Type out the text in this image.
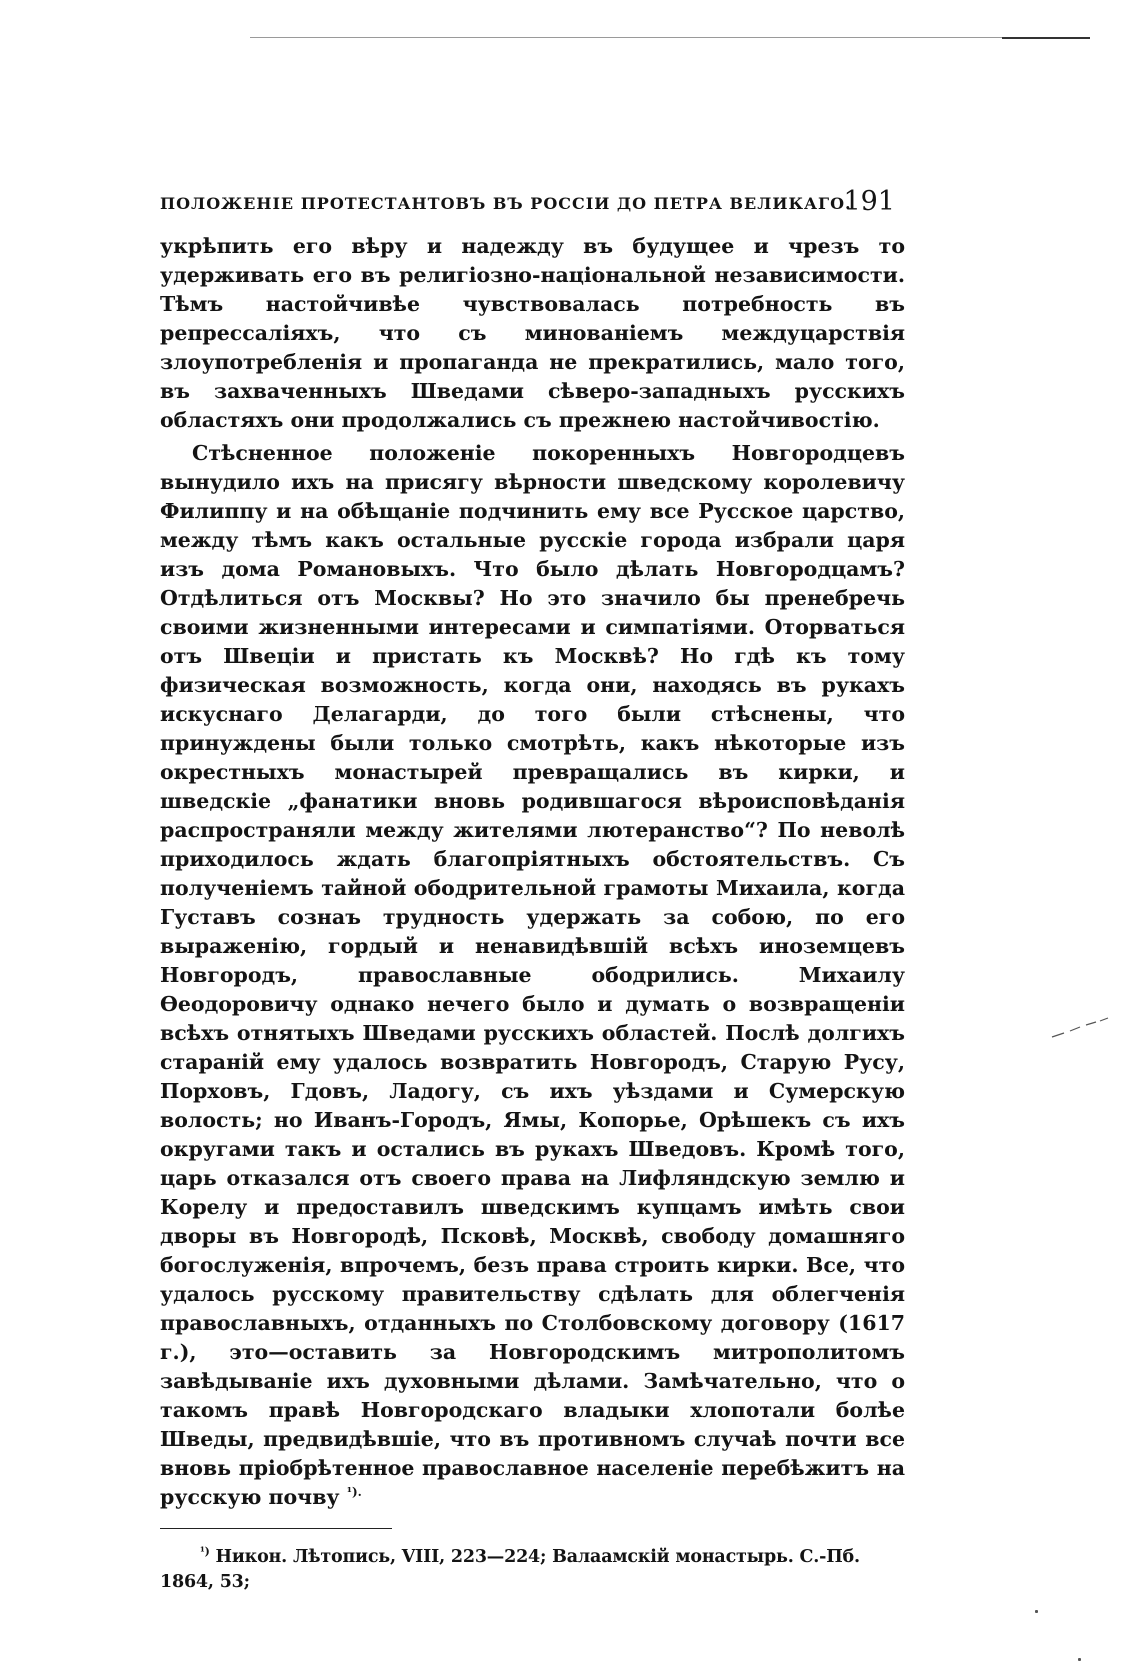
ПОЛОЖЕНІЕ ПРОТЕСТАНТОВЪ ВЪ РОССІИ ДО ПЕТРА ВЕЛИКАГО.
191

укрѣпить его вѣру и надежду въ будущее и чрезъ то удерживать его въ религіозно-національной независимости. Тѣмъ настойчивѣе чувствовалась потребность въ репрессаліяхъ, что съ минованіемъ междуцарствія злоупотребленія и пропаганда не прекратились, мало того, въ захваченныхъ Шведами сѣверо-западныхъ русскихъ областяхъ они продолжались съ прежнею настойчивостію.

Стѣсненное положеніе покоренныхъ Новгородцевъ вынудило ихъ на присягу вѣрности шведскому королевичу Филиппу и на обѣщаніе подчинить ему все Русское царство, между тѣмъ какъ остальные русскіе города избрали царя изъ дома Романовыхъ. Что было дѣлать Новгородцамъ? Отдѣлиться отъ Москвы? Но это значило бы пренебречь своими жизненными интересами и симпатіями. Оторваться отъ Швеціи и пристать къ Москвѣ? Но гдѣ къ тому физическая возможность, когда они, находясь въ рукахъ искуснаго Делагарди, до того были стѣснены, что принуждены были только смотрѣть, какъ нѣкоторые изъ окрестныхъ монастырей превращались въ кирки, и шведскіе „фанатики вновь родившагося вѣроисповѣданія распространяли между жителями лютеранство“? По неволѣ приходилось ждать благопріятныхъ обстоятельствъ. Съ полученіемъ тайной ободрительной грамоты Михаила, когда Густавъ сознаъ трудность удержать за собою, по его выраженію, гордый и ненавидѣвшій всѣхъ иноземцевъ Новгородъ, православные ободрились. Михаилу Ѳеодоровичу однако нечего было и думать о возвращеніи всѣхъ отнятыхъ Шведами русскихъ областей. Послѣ долгихъ стараній ему удалось возвратить Новгородъ, Старую Русу, Порховъ, Гдовъ, Ладогу, съ ихъ уѣздами и Сумерскую волость; но Иванъ-Городъ, Ямы, Копорье, Орѣшекъ съ ихъ округами такъ и остались въ рукахъ Шведовъ. Кромѣ того, царь отказался отъ своего права на Лифляндскую землю и Корелу и предоставилъ шведскимъ купцамъ имѣть свои дворы въ Новгородѣ, Псковѣ, Москвѣ, свободу домашняго богослуженія, впрочемъ, безъ права строить кирки. Все, что удалось русскому правительству сдѣлать для облегченія православныхъ, отданныхъ по Столбовскому договору (1617 г.), это—оставить за Новгородскимъ митрополитомъ завѣдываніе ихъ духовными дѣлами. Замѣчательно, что о такомъ правѣ Новгородскаго владыки хлопотали болѣе Шведы, предвидѣвшіе, что въ противномъ случаѣ почти все вновь пріобрѣтенное православное населеніе перебѣжитъ на русскую почву $^{^1).}$

$^{^1)}$ Никон. Лѣтопись, VIII, 223—224; Валаамскій монастырь. С.-Пб. 1864, 53;
